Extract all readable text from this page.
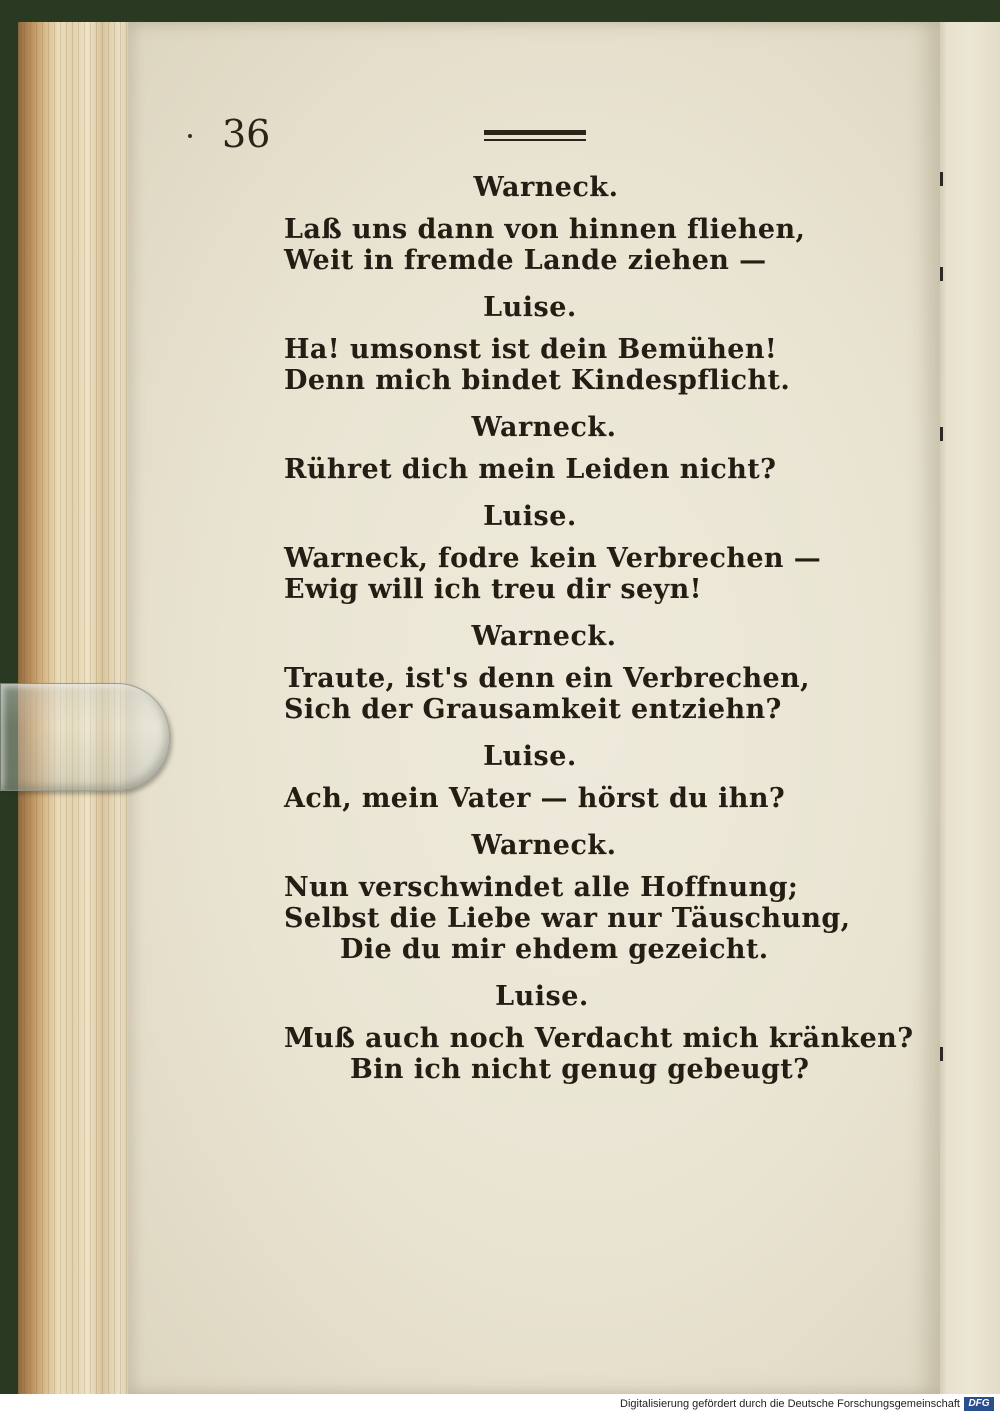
36

Warneck.
Laß uns dann von hinnen fliehen,
Weit in fremde Lande ziehen —
Luise.
Ha! umsonst ist dein Bemühen!
Denn mich bindet Kindespflicht.
Warneck.
Rühret dich mein Leiden nicht?
Luise.
Warneck, fodre kein Verbrechen —
Ewig will ich treu dir seyn!
Warneck.
Traute, ist's denn ein Verbrechen,
Sich der Grausamkeit entziehn?
Luise.
Ach, mein Vater — hörst du ihn?
Warneck.
Nun verschwindet alle Hoffnung;
Selbst die Liebe war nur Täuschung,
Die du mir ehdem gezeicht.
Luise.
Muß auch noch Verdacht mich kränken?
Bin ich nicht genug gebeugt?

Digitalisierung gefördert durch die Deutsche Forschungsgemeinschaft DFG
